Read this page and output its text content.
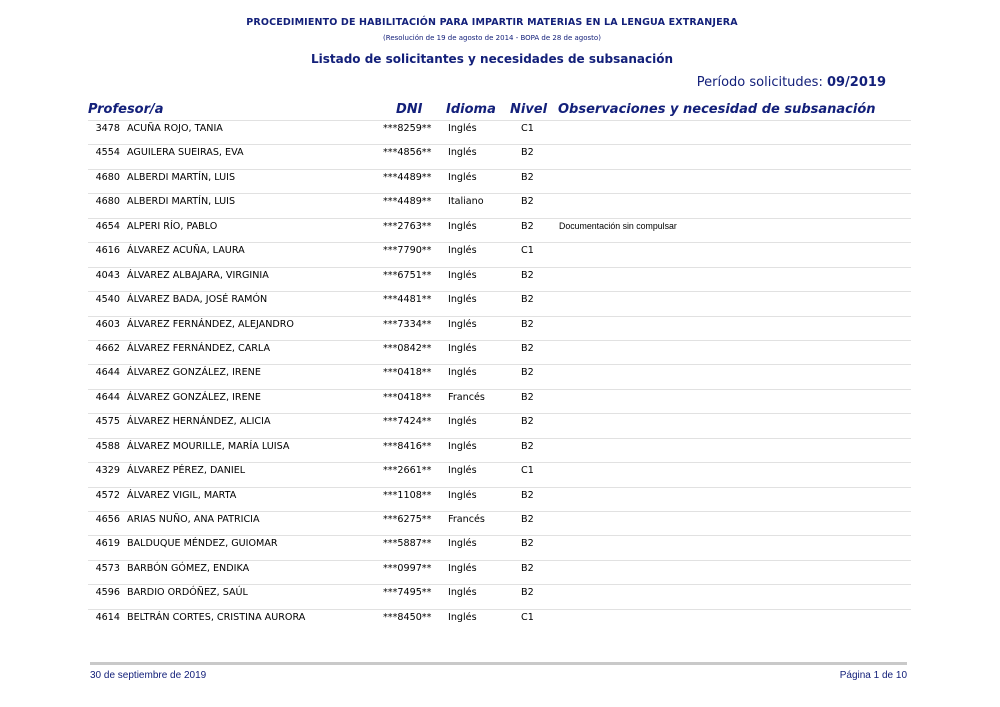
PROCEDIMIENTO DE HABILITACIÓN PARA IMPARTIR MATERIAS EN LA LENGUA EXTRANJERA
(Resolución de 19 de agosto de 2014 - BOPA de 28 de agosto)
Listado de solicitantes y necesidades de subsanación
Período solicitudes: 09/2019
Profesor/a	DNI Idioma Nivel Observaciones y necesidad de subsanación
3478 ACUÑA ROJO, TANIA	***8259** Inglés	C1
4554 AGUILERA SUEIRAS, EVA	***4856** Inglés	B2
4680 ALBERDI MARTÍN, LUIS	***4489** Inglés	B2
4680 ALBERDI MARTÍN, LUIS	***4489** Italiano	B2
4654 ALPERI RÍO, PABLO	***2763** Inglés	B2	Documentación sin compulsar
4616 ÁLVAREZ ACUÑA, LAURA	***7790** Inglés	C1
4043 ÁLVAREZ ALBAJARA, VIRGINIA	***6751** Inglés	B2
4540 ÁLVAREZ BADA, JOSÉ RAMÓN	***4481** Inglés	B2
4603 ÁLVAREZ FERNÁNDEZ, ALEJANDRO	***7334** Inglés	B2
4662 ÁLVAREZ FERNÁNDEZ, CARLA	***0842** Inglés	B2
4644 ÁLVAREZ GONZÁLEZ, IRENE	***0418** Inglés	B2
4644 ÁLVAREZ GONZÁLEZ, IRENE	***0418** Francés	B2
4575 ÁLVAREZ HERNÁNDEZ, ALICIA	***7424** Inglés	B2
4588 ÁLVAREZ MOURILLE, MARÍA LUISA	***8416** Inglés	B2
4329 ÁLVAREZ PÉREZ, DANIEL	***2661** Inglés	C1
4572 ÁLVAREZ VIGIL, MARTA	***1108** Inglés	B2
4656 ARIAS NUÑO, ANA PATRICIA	***6275** Francés	B2
4619 BALDUQUE MÉNDEZ, GUIOMAR	***5887** Inglés	B2
4573 BARBÓN GÓMEZ, ENDIKA	***0997** Inglés	B2
4596 BARDIO ORDÓÑEZ, SAÚL	***7495** Inglés	B2
4614 BELTRÁN CORTES, CRISTINA AURORA	***8450** Inglés	C1
30 de septiembre de 2019	Página 1 de 10
